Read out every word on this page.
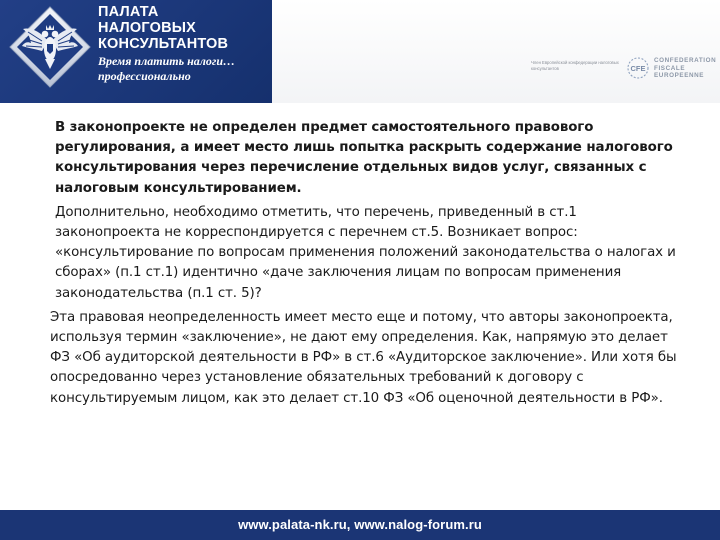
ПАЛАТА
НАЛОГОВЫХ
КОНСУЛЬТАНТОВ
Время платить налоги…
профессионально
Член Европейской конфедерации налоговых консультантов	CFE
CONFEDERATION
FISCALE
EUROPEENNE

В законопроекте не определен предмет самостоятельного правового регулирования, а имеет место лишь попытка раскрыть содержание налогового консультирования через перечисление отдельных видов услуг, связанных с налоговым консультированием.

Дополнительно, необходимо отметить, что перечень, приведенный в ст.1 законопроекта не корреспондируется с перечнем ст.5. Возникает вопрос: «консультирование по вопросам применения положений законодательства о налогах и сборах» (п.1 ст.1) идентично «даче заключения лицам по вопросам применения законодательства (п.1 ст. 5)?

Эта правовая неопределенность имеет место еще и потому, что авторы законопроекта, используя термин «заключение», не дают ему определения. Как, напрямую это делает ФЗ «Об аудиторской деятельности в РФ» в ст.6 «Аудиторское заключение». Или хотя бы опосредованно через установление обязательных требований к договору с консультируемым лицом, как это делает ст.10 ФЗ «Об оценочной деятельности в РФ».

www.palata-nk.ru, www.nalog-forum.ru
